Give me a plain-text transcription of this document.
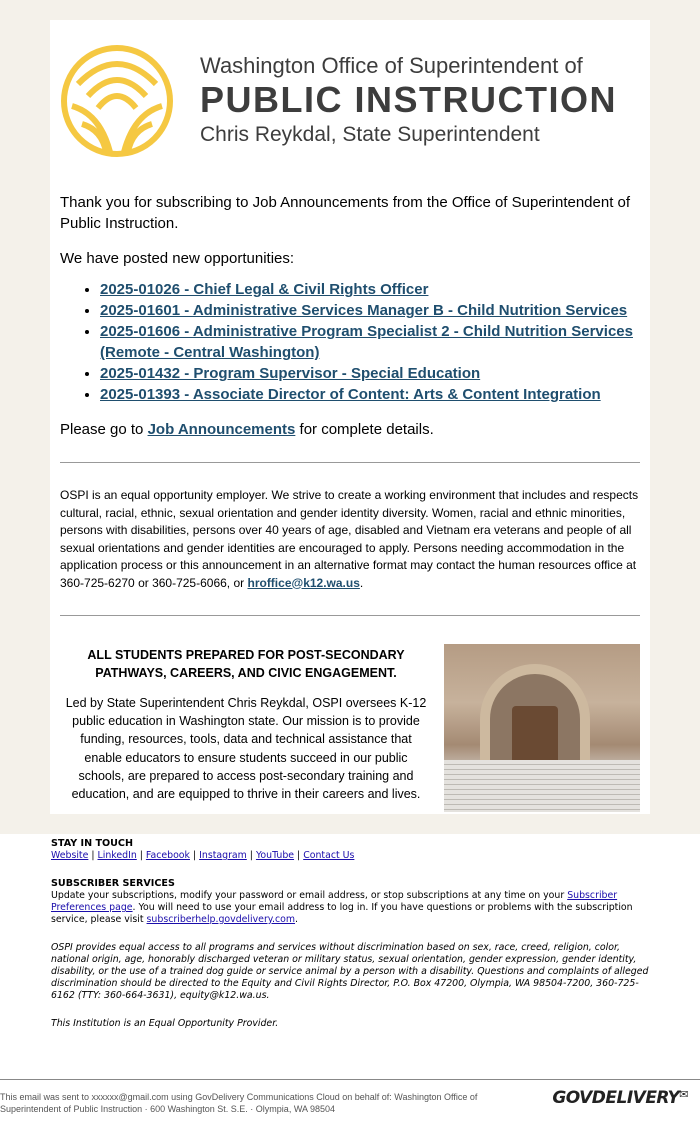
Washington Office of Superintendent of
PUBLIC INSTRUCTION
Chris Reykdal, State Superintendent

Thank you for subscribing to Job Announcements from the Office of Superintendent of Public Instruction.

We have posted new opportunities:

• 2025-01026 - Chief Legal & Civil Rights Officer
• 2025-01601 - Administrative Services Manager B - Child Nutrition Services
• 2025-01606 - Administrative Program Specialist 2 - Child Nutrition Services (Remote - Central Washington)
• 2025-01432 - Program Supervisor - Special Education
• 2025-01393 - Associate Director of Content: Arts & Content Integration

Please go to Job Announcements for complete details.

OSPI is an equal opportunity employer. We strive to create a working environment that includes and respects cultural, racial, ethnic, sexual orientation and gender identity diversity. Women, racial and ethnic minorities, persons with disabilities, persons over 40 years of age, disabled and Vietnam era veterans and people of all sexual orientations and gender identities are encouraged to apply. Persons needing accommodation in the application process or this announcement in an alternative format may contact the human resources office at 360-725-6270 or 360-725-6066, or hroffice@k12.wa.us.

ALL STUDENTS PREPARED FOR POST-SECONDARY PATHWAYS, CAREERS, AND CIVIC ENGAGEMENT.
Led by State Superintendent Chris Reykdal, OSPI oversees K-12 public education in Washington state. Our mission is to provide funding, resources, tools, data and technical assistance that enable educators to ensure students succeed in our public schools, are prepared to access post-secondary training and education, and are equipped to thrive in their careers and lives.
STAY IN TOUCH
Website | LinkedIn | Facebook | Instagram | YouTube | Contact Us
SUBSCRIBER SERVICES
Update your subscriptions, modify your password or email address, or stop subscriptions at any time on your Subscriber Preferences page. You will need to use your email address to log in. If you have questions or problems with the subscription service, please visit subscriberhelp.govdelivery.com.
OSPI provides equal access to all programs and services without discrimination based on sex, race, creed, religion, color, national origin, age, honorably discharged veteran or military status, sexual orientation, gender expression, gender identity, disability, or the use of a trained dog guide or service animal by a person with a disability. Questions and complaints of alleged discrimination should be directed to the Equity and Civil Rights Director, P.O. Box 47200, Olympia, WA 98504-7200, 360-725-6162 (TTY: 360-664-3631), equity@k12.wa.us.
This Institution is an Equal Opportunity Provider.
This email was sent to xxxxxx@gmail.com using GovDelivery Communications Cloud on behalf of: Washington Office of Superintendent of Public Instruction · 600 Washington St. S.E. · Olympia, WA 98504
GOVDELIVERY✉
